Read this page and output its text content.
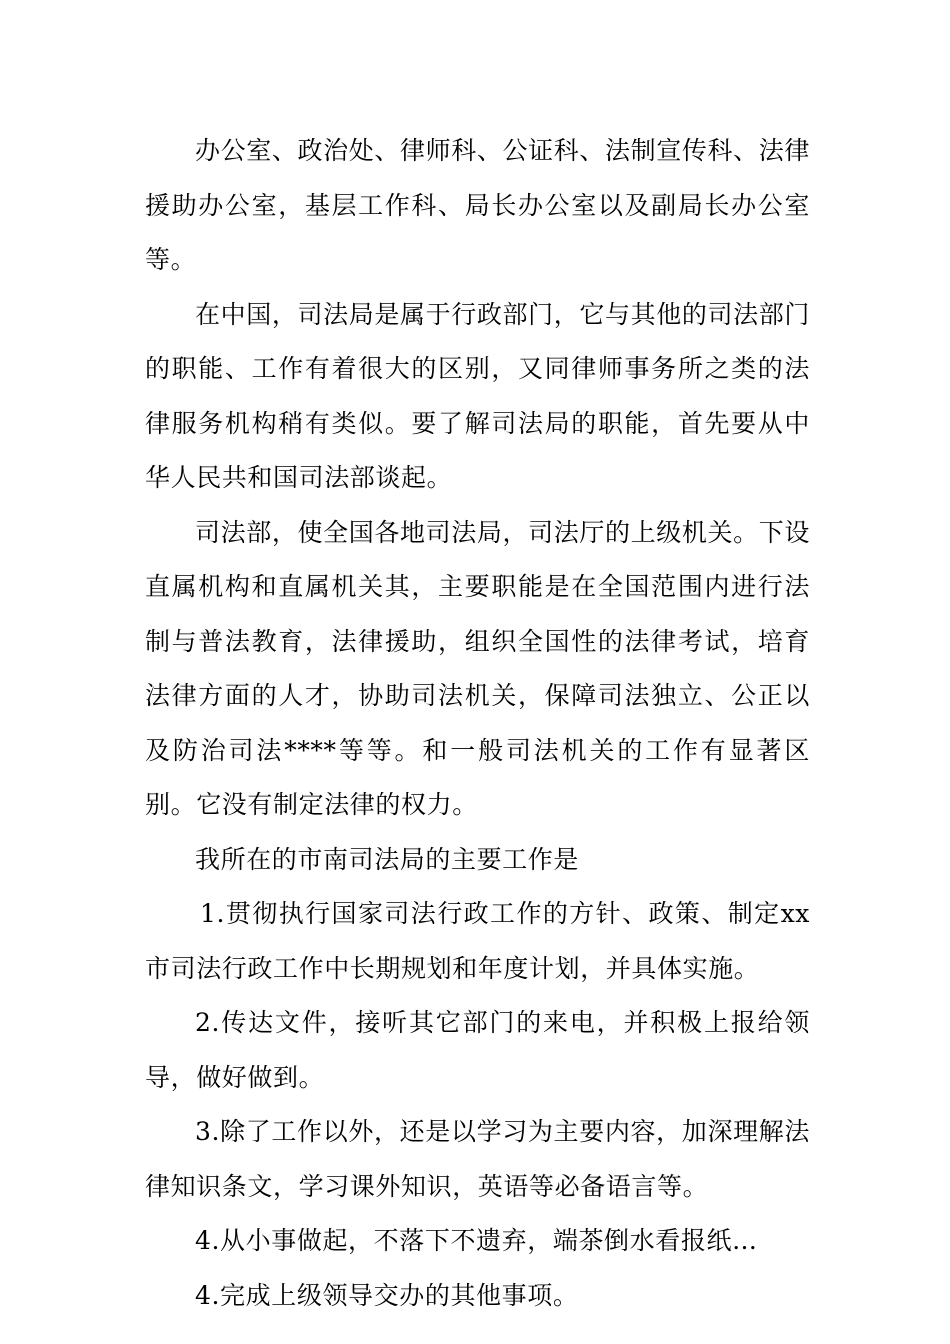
办公室、政治处、律师科、公证科、法制宣传科、法律援助办公室，基层工作科、局长办公室以及副局长办公室等。

在中国，司法局是属于行政部门，它与其他的司法部门的职能、工作有着很大的区别，又同律师事务所之类的法律服务机构稍有类似。要了解司法局的职能，首先要从中华人民共和国司法部谈起。

司法部，使全国各地司法局，司法厅的上级机关。下设直属机构和直属机关其，主要职能是在全国范围内进行法制与普法教育，法律援助，组织全国性的法律考试，培育法律方面的人才，协助司法机关，保障司法独立、公正以及防治司法****等等。和一般司法机关的工作有显著区别。它没有制定法律的权力。

我所在的市南司法局的主要工作是

1.贯彻执行国家司法行政工作的方针、政策、制定xx市司法行政工作中长期规划和年度计划，并具体实施。

2.传达文件，接听其它部门的来电，并积极上报给领导，做好做到。

3.除了工作以外，还是以学习为主要内容，加深理解法律知识条文，学习课外知识，英语等必备语言等。

4.从小事做起，不落下不遗弃，端茶倒水看报纸…

4.完成上级领导交办的其他事项。
